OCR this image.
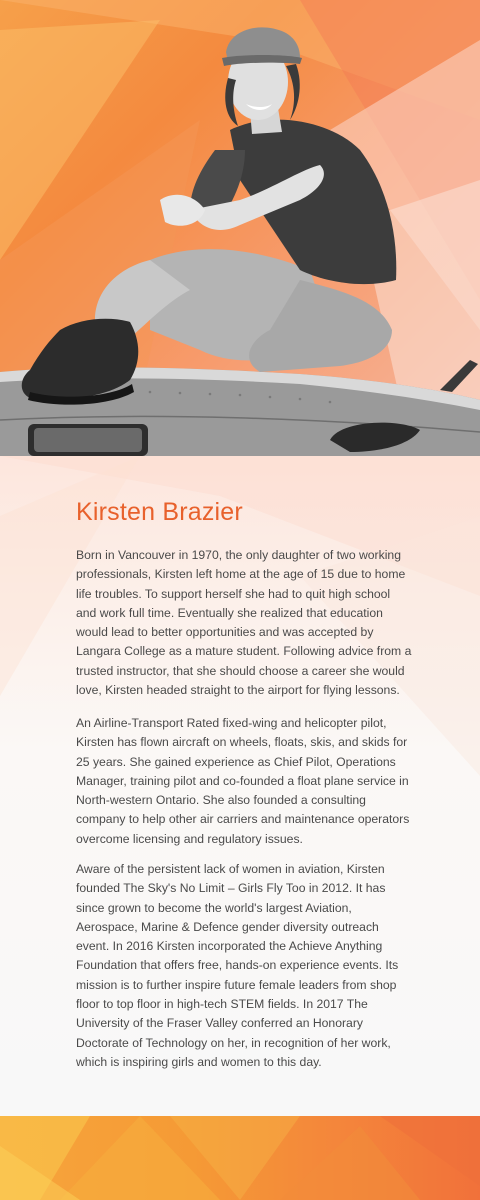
Kirsten Brazier

Born in Vancouver in 1970, the only daughter of two working professionals, Kirsten left home at the age of 15 due to home life troubles. To support herself she had to quit high school and work full time. Eventually she realized that education would lead to better opportunities and was accepted by Langara College as a mature student. Following advice from a trusted instructor, that she should choose a career she would love, Kirsten headed straight to the airport for flying lessons.

An Airline-Transport Rated fixed-wing and helicopter pilot, Kirsten has flown aircraft on wheels, floats, skis, and skids for 25 years. She gained experience as Chief Pilot, Operations Manager, training pilot and co-founded a float plane service in North-western Ontario. She also founded a consulting company to help other air carriers and maintenance operators overcome licensing and regulatory issues.

Aware of the persistent lack of women in aviation, Kirsten founded The Sky's No Limit – Girls Fly Too in 2012. It has since grown to become the world's largest Aviation, Aerospace, Marine & Defence gender diversity outreach event. In 2016 Kirsten incorporated the Achieve Anything Foundation that offers free, hands-on experience events. Its mission is to further inspire future female leaders from shop floor to top floor in high-tech STEM fields. In 2017 The University of the Fraser Valley conferred an Honorary Doctorate of Technology on her, in recognition of her work, which is inspiring girls and women to this day.
